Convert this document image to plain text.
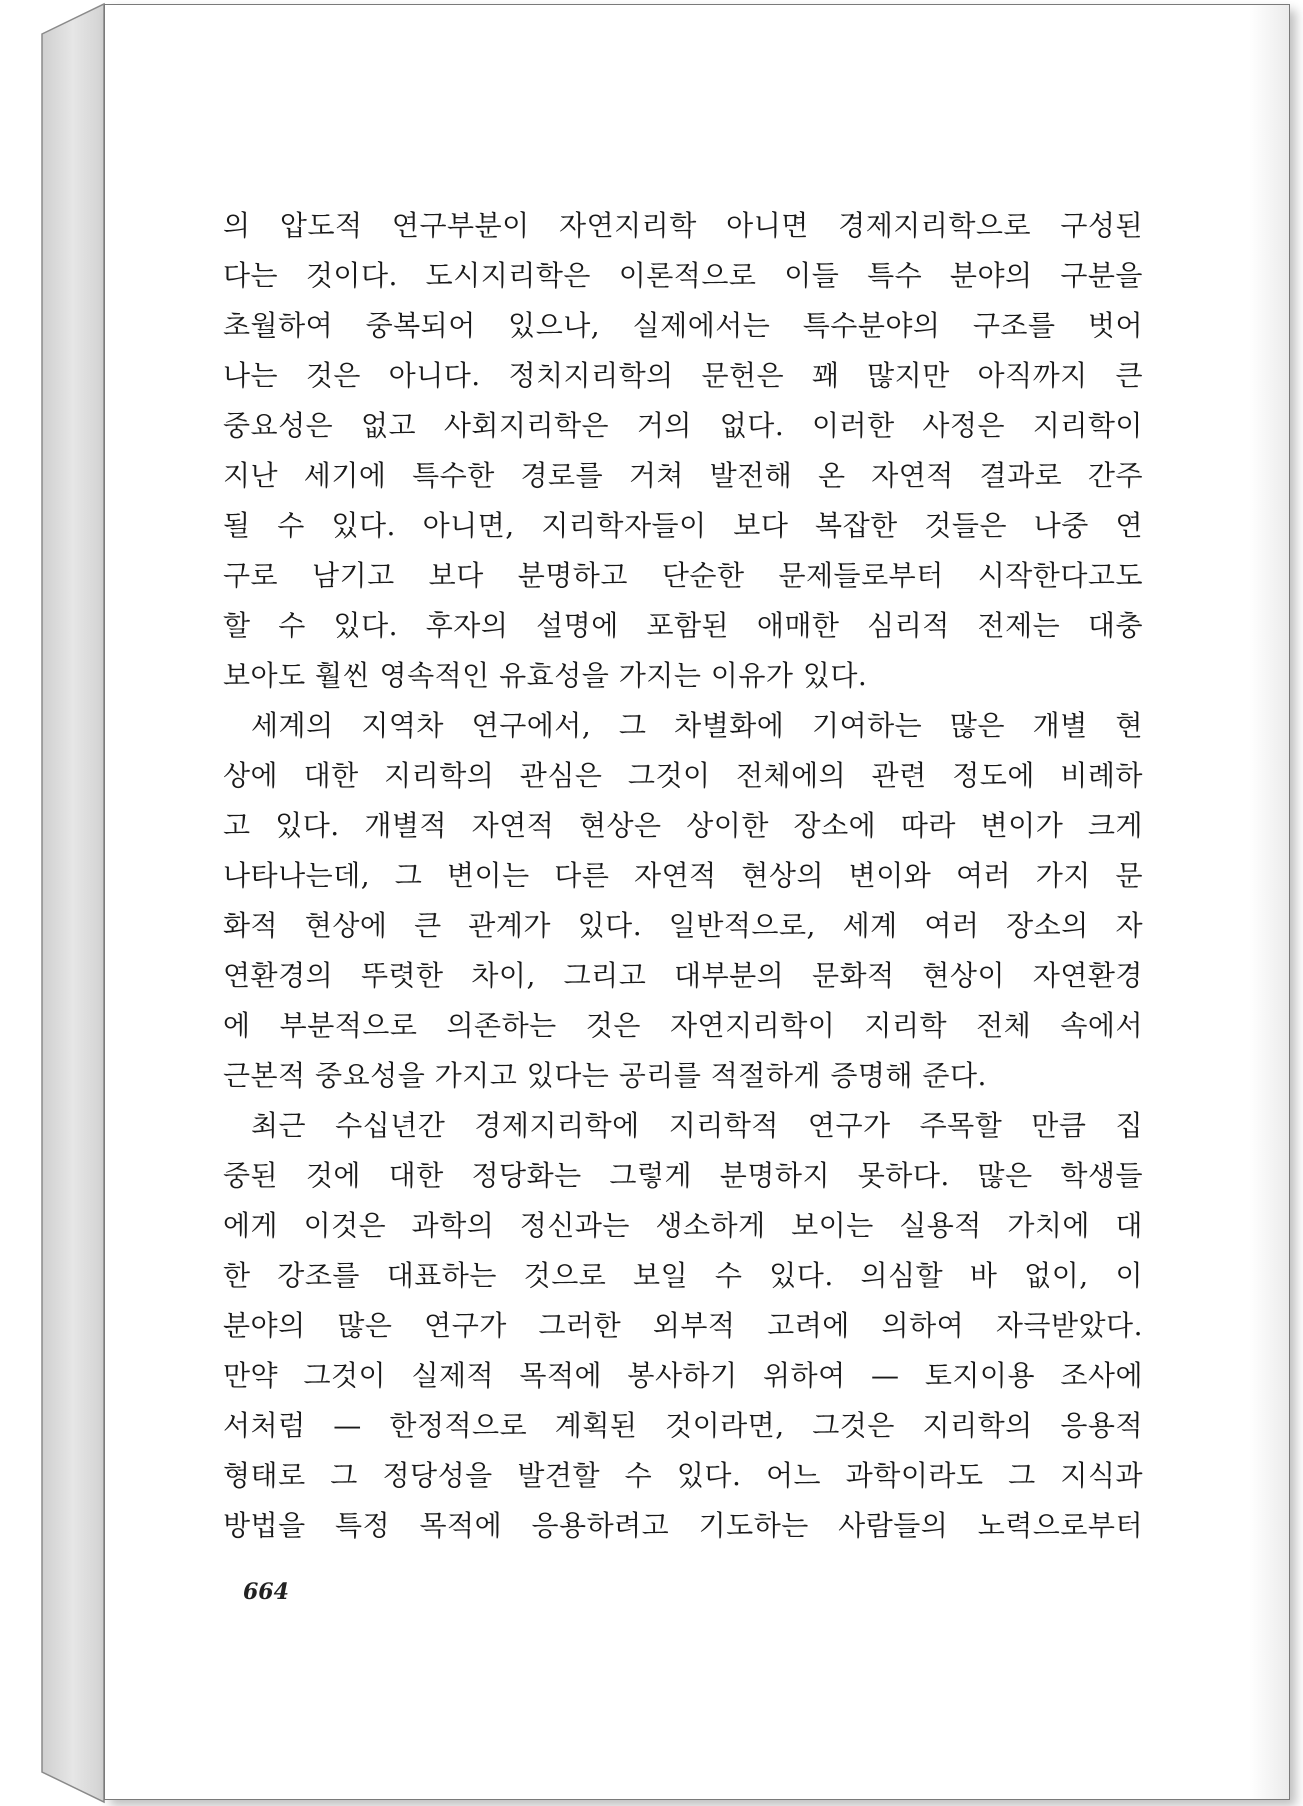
의 압도적 연구부분이 자연지리학 아니면 경제지리학으로 구성된
다는 것이다. 도시지리학은 이론적으로 이들 특수 분야의 구분을
초월하여 중복되어 있으나, 실제에서는 특수분야의 구조를 벗어
나는 것은 아니다. 정치지리학의 문헌은 꽤 많지만 아직까지 큰
중요성은 없고 사회지리학은 거의 없다. 이러한 사정은 지리학이
지난 세기에 특수한 경로를 거쳐 발전해 온 자연적 결과로 간주
될 수 있다. 아니면, 지리학자들이 보다 복잡한 것들은 나중 연
구로 남기고 보다 분명하고 단순한 문제들로부터 시작한다고도
할 수 있다. 후자의 설명에 포함된 애매한 심리적 전제는 대충
보아도 훨씬 영속적인 유효성을 가지는 이유가 있다.
세계의 지역차 연구에서, 그 차별화에 기여하는 많은 개별 현
상에 대한 지리학의 관심은 그것이 전체에의 관련 정도에 비례하
고 있다. 개별적 자연적 현상은 상이한 장소에 따라 변이가 크게
나타나는데, 그 변이는 다른 자연적 현상의 변이와 여러 가지 문
화적 현상에 큰 관계가 있다. 일반적으로, 세계 여러 장소의 자
연환경의 뚜렷한 차이, 그리고 대부분의 문화적 현상이 자연환경
에 부분적으로 의존하는 것은 자연지리학이 지리학 전체 속에서
근본적 중요성을 가지고 있다는 공리를 적절하게 증명해 준다.
최근 수십년간 경제지리학에 지리학적 연구가 주목할 만큼 집
중된 것에 대한 정당화는 그렇게 분명하지 못하다. 많은 학생들
에게 이것은 과학의 정신과는 생소하게 보이는 실용적 가치에 대
한 강조를 대표하는 것으로 보일 수 있다. 의심할 바 없이, 이
분야의 많은 연구가 그러한 외부적 고려에 의하여 자극받았다.
만약 그것이 실제적 목적에 봉사하기 위하여 — 토지이용 조사에
서처럼 — 한정적으로 계획된 것이라면, 그것은 지리학의 응용적
형태로 그 정당성을 발견할 수 있다. 어느 과학이라도 그 지식과
방법을 특정 목적에 응용하려고 기도하는 사람들의 노력으로부터
664
